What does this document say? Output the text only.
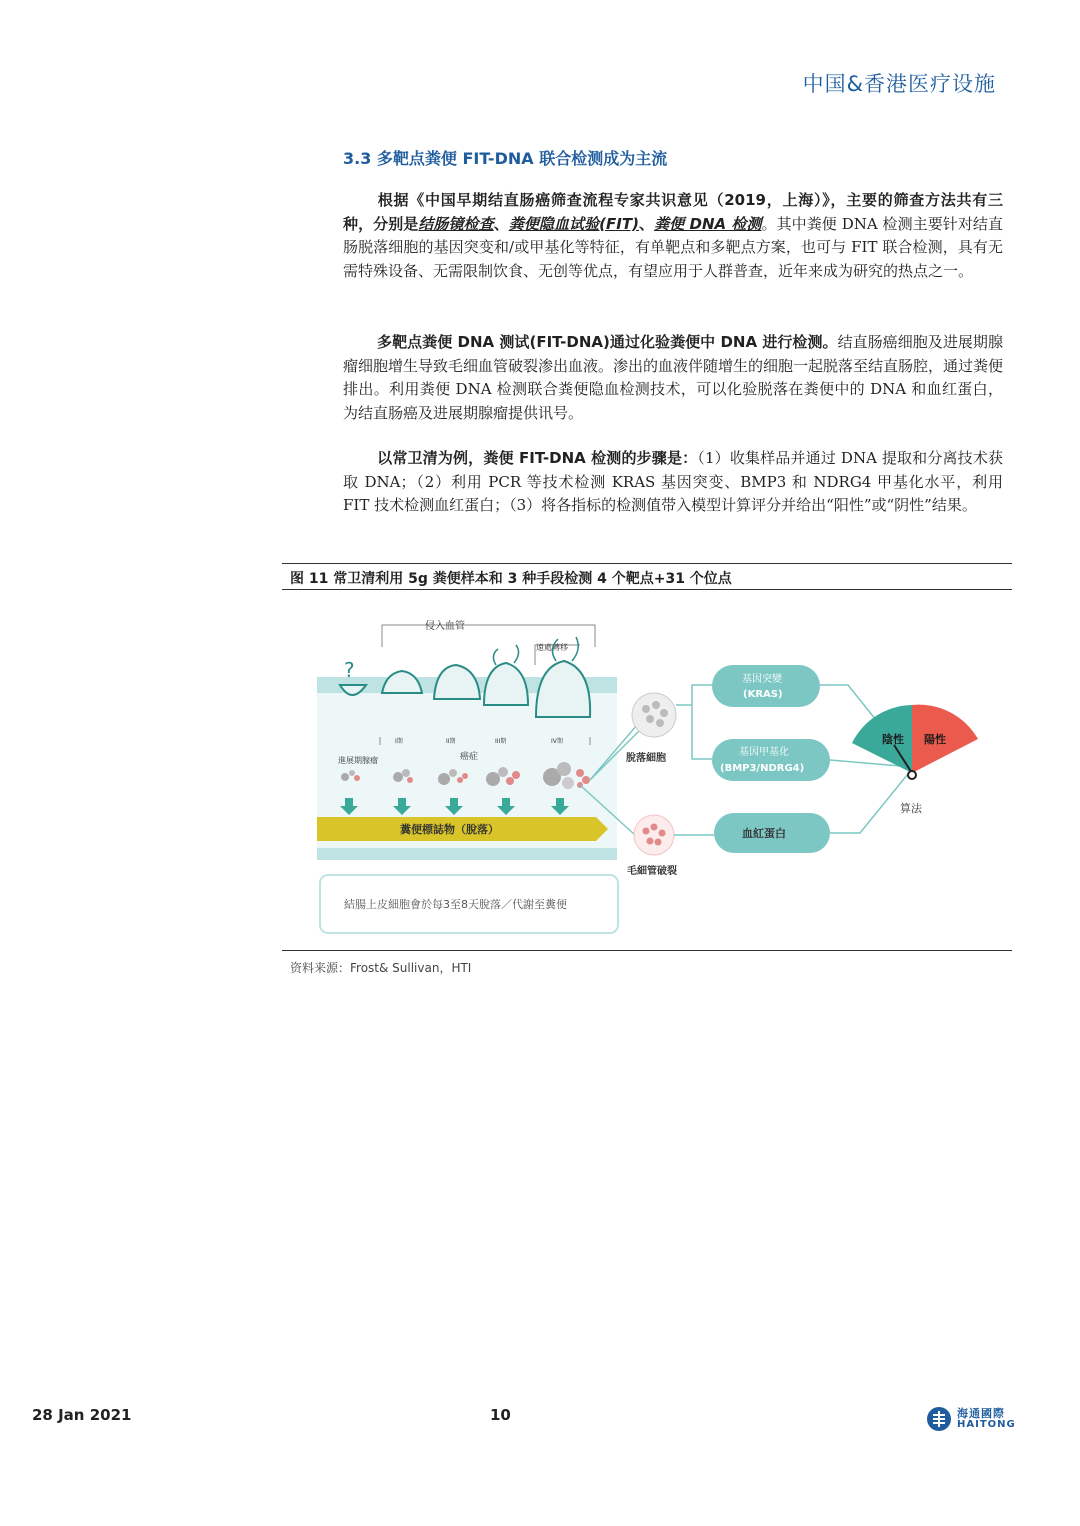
中国&香港医疗设施
3.3 多靶点粪便 FIT-DNA 联合检测成为主流
根据《中国早期结直肠癌筛查流程专家共识意见（2019，上海）》，主要的筛查方法共有三种，分别是结肠镜检查、粪便隐血试验(FIT)、粪便 DNA 检测。其中粪便 DNA 检测主要针对结直肠脱落细胞的基因突变和/或甲基化等特征，有单靶点和多靶点方案，也可与 FIT 联合检测，具有无需特殊设备、无需限制饮食、无创等优点，有望应用于人群普查，近年来成为研究的热点之一。
多靶点粪便 DNA 测试(FIT-DNA)通过化验粪便中 DNA 进行检测。结直肠癌细胞及进展期腺瘤细胞增生导致毛细血管破裂渗出血液。渗出的血液伴随增生的细胞一起脱落至结直肠腔，通过粪便排出。利用粪便 DNA 检测联合粪便隐血检测技术，可以化验脱落在粪便中的 DNA 和血红蛋白，为结直肠癌及进展期腺瘤提供讯号。
以常卫清为例，粪便 FIT-DNA 检测的步骤是：（1）收集样品并通过 DNA 提取和分离技术获取 DNA；（2）利用 PCR 等技术检测 KRAS 基因突变、BMP3 和 NDRG4 甲基化水平，利用 FIT 技术检测血红蛋白；（3）将各指标的检测值带入模型计算评分并给出“阳性”或“阴性”结果。
图 11 常卫清利用 5g 粪便样本和 3 种手段检测 4 个靶点+31 个位点
侵入血管
遠處轉移
?
I期	II期	III期	IV期
進展期腺瘤	癌症
糞便標誌物（脫落）
結腸上皮細胞會於每3至8天脫落／代謝至糞便
脫落細胞
毛細管破裂
基因突變
(KRAS)
基因甲基化
(BMP3/NDRG4)
血紅蛋白
陰性 陽性
算法
资料来源：Frost& Sullivan，HTI
28 Jan 2021	10	海通國際
HAITONG
